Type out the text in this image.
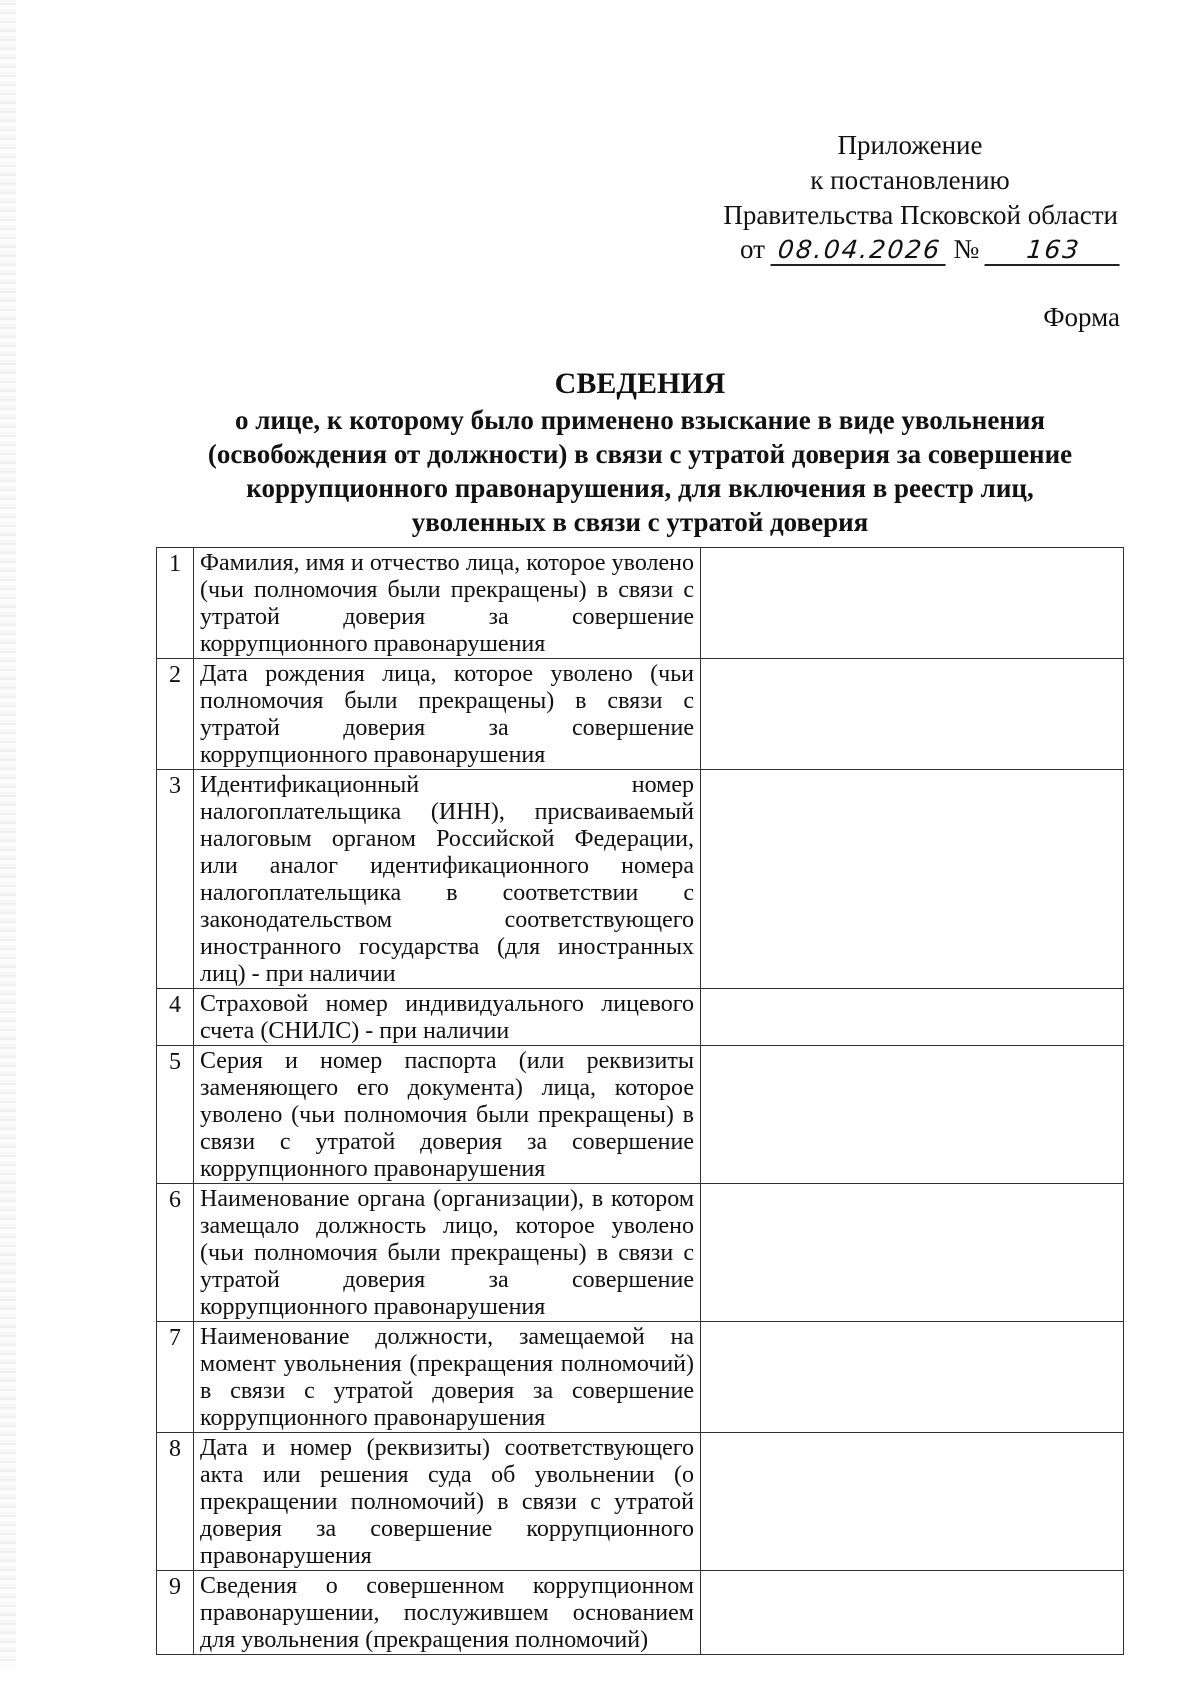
Приложение
к постановлению
Правительства Псковской области
от 08.04.2026 № 163
Форма
СВЕДЕНИЯ
о лице, к которому было применено взыскание в виде увольнения
(освобождения от должности) в связи с утратой доверия за совершение
коррупционного правонарушения, для включения в реестр лиц,
уволенных в связи с утратой доверия
1	Фамилия, имя и отчество лица, которое уволено (чьи полномочия были прекращены) в связи с утратой доверия за совершение коррупционного правонарушения	
2	Дата рождения лица, которое уволено (чьи полномочия были прекращены) в связи с утратой доверия за совершение коррупционного правонарушения	
3	Идентификационный номер налогоплательщика (ИНН), присваиваемый налоговым органом Российской Федерации, или аналог идентификационного номера налогоплательщика в соответствии с законодательством соответствующего иностранного государства (для иностранных лиц) - при наличии	
4	Страховой номер индивидуального лицевого счета (СНИЛС) - при наличии	
5	Серия и номер паспорта (или реквизиты заменяющего его документа) лица, которое уволено (чьи полномочия были прекращены) в связи с утратой доверия за совершение коррупционного правонарушения	
6	Наименование органа (организации), в котором замещало должность лицо, которое уволено (чьи полномочия были прекращены) в связи с утратой доверия за совершение коррупционного правонарушения	
7	Наименование должности, замещаемой на момент увольнения (прекращения полномочий) в связи с утратой доверия за совершение коррупционного правонарушения	
8	Дата и номер (реквизиты) соответствующего акта или решения суда об увольнении (о прекращении полномочий) в связи с утратой доверия за совершение коррупционного правонарушения	
9	Сведения о совершенном коррупционном правонарушении, послужившем основанием для увольнения (прекращения полномочий)	
